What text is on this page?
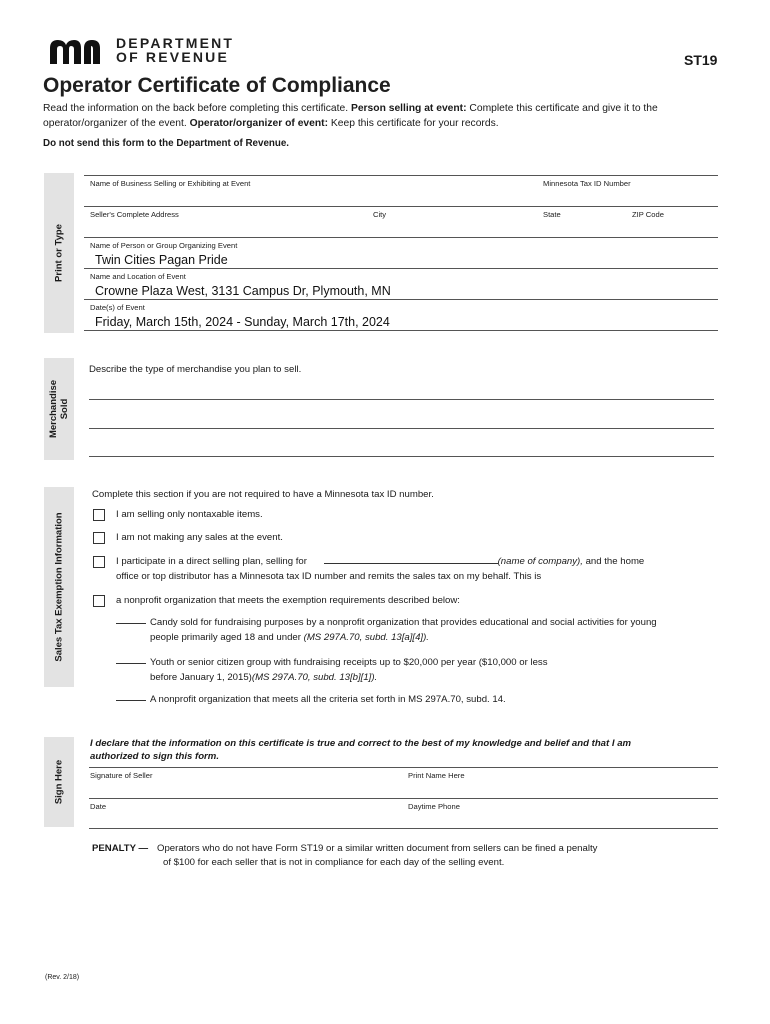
DEPARTMENT
OF REVENUE	ST19
Operator Certificate of Compliance
Read the information on the back before completing this certificate. Person selling at event: Complete this certificate and give it to the operator/organizer of the event. Operator/organizer of event: Keep this certificate for your records.
Do not send this form to the Department of Revenue.
Print or Type
Name of Business Selling or Exhibiting at Event	Minnesota Tax ID Number
Seller's Complete Address	City	State	ZIP Code
Name of Person or Group Organizing Event
Twin Cities Pagan Pride
Name and Location of Event
Crowne Plaza West, 3131 Campus Dr, Plymouth, MN
Date(s) of Event
Friday, March 15th, 2024 - Sunday, March 17th, 2024
Merchandise Sold
Describe the type of merchandise you plan to sell.
Sales Tax Exemption Information
Complete this section if you are not required to have a Minnesota tax ID number.
I am selling only nontaxable items.
I am not making any sales at the event.
I participate in a direct selling plan, selling for	(name of company), and the home
office or top distributor has a Minnesota tax ID number and remits the sales tax on my behalf. This is
a nonprofit organization that meets the exemption requirements described below:
Candy sold for fundraising purposes by a nonprofit organization that provides educational and social activities for young
people primarily aged 18 and under (MS 297A.70, subd. 13[a][4]).
Youth or senior citizen group with fundraising receipts up to $20,000 per year ($10,000 or less
before January 1, 2015)(MS 297A.70, subd. 13[b][1]).
A nonprofit organization that meets all the criteria set forth in MS 297A.70, subd. 14.
Sign Here
I declare that the information on this certificate is true and correct to the best of my knowledge and belief and that I am
authorized to sign this form.
Signature of Seller	Print Name Here
Date	Daytime Phone
PENALTY — Operators who do not have Form ST19 or a similar written document from sellers can be fined a penalty
of $100 for each seller that is not in compliance for each day of the selling event.
(Rev. 2/18)
